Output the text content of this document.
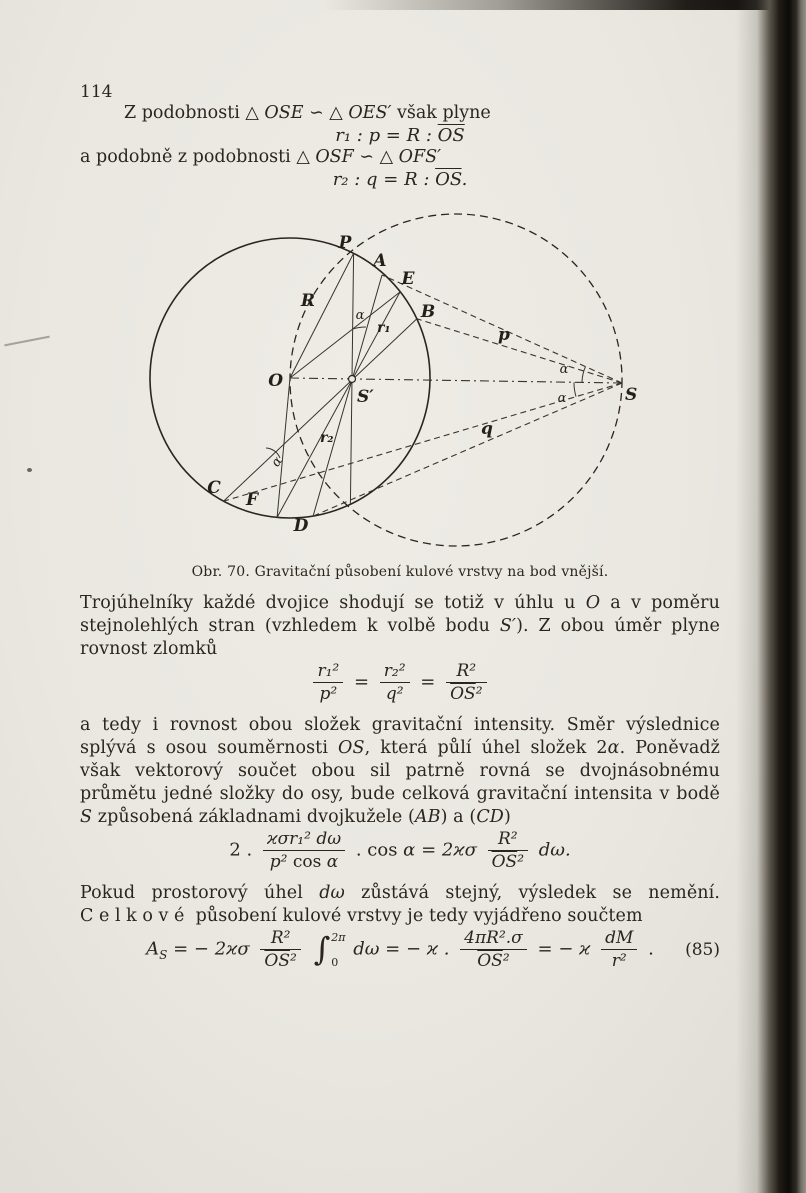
114

Z podobnosti △ OSE ∽ △ OES′ však plyne

r₁ : p = R : $\overline{OS}$

a podobně z podobnosti △ OSF ∽ △ OFS′

r₂ : q = R : $\overline{OS}$.
P
A
E
B
O
S′	S
C
F
D
R
r₁
r₂
p
q
α
α
α
α
Obr. 70. Gravitační působení kulové vrstvy na bod vnější.

Trojúhelníky každé dvojice shodují se totiž v úhlu u O a v poměru stejnolehlých stran (vzhledem k volbě bodu S′). Z obou úměr plyne rovnost zlomků

$\frac{\text{r₁²}}{\text{p²}} = \frac{\text{r₂²}}{\text{q²}} = \frac{\text{R²}}{\overline{OS}^2}$

a tedy i rovnost obou složek gravitační intensity. Směr výslednice splývá s osou souměrnosti OS, která půlí úhel složek 2α. Poněvadž však vektorový součet obou sil patrně rovná se dvojnásobnému průmětu jedné složky do osy, bude celková gravitační intensita v bodě S způsobená základnami dvojkužele (AB) a (CD)

2 . $\frac{\text{ϰσr₁² dω}}{\text{p² cos α}}$ . $\cos \alpha = 2ϰ\sigma \frac{\text{R²}}{\overline{OS}^2} d\omega$.

Pokud prostorový úhel dω zůstává stejný, výsledek se nemění. Celkové působení kulové vrstvy je tedy vyjádřeno součtem

$A_S$ = − $2ϰ\sigma \frac{\text{R²}}{\overline{OS}^2}$
∫ 2π
0
dω = − ϰ . $\frac{\text{4πR².σ}}{\overline{OS}^2}$ = − ϰ $\frac{dM}{\text{r²}}$ . (85)
